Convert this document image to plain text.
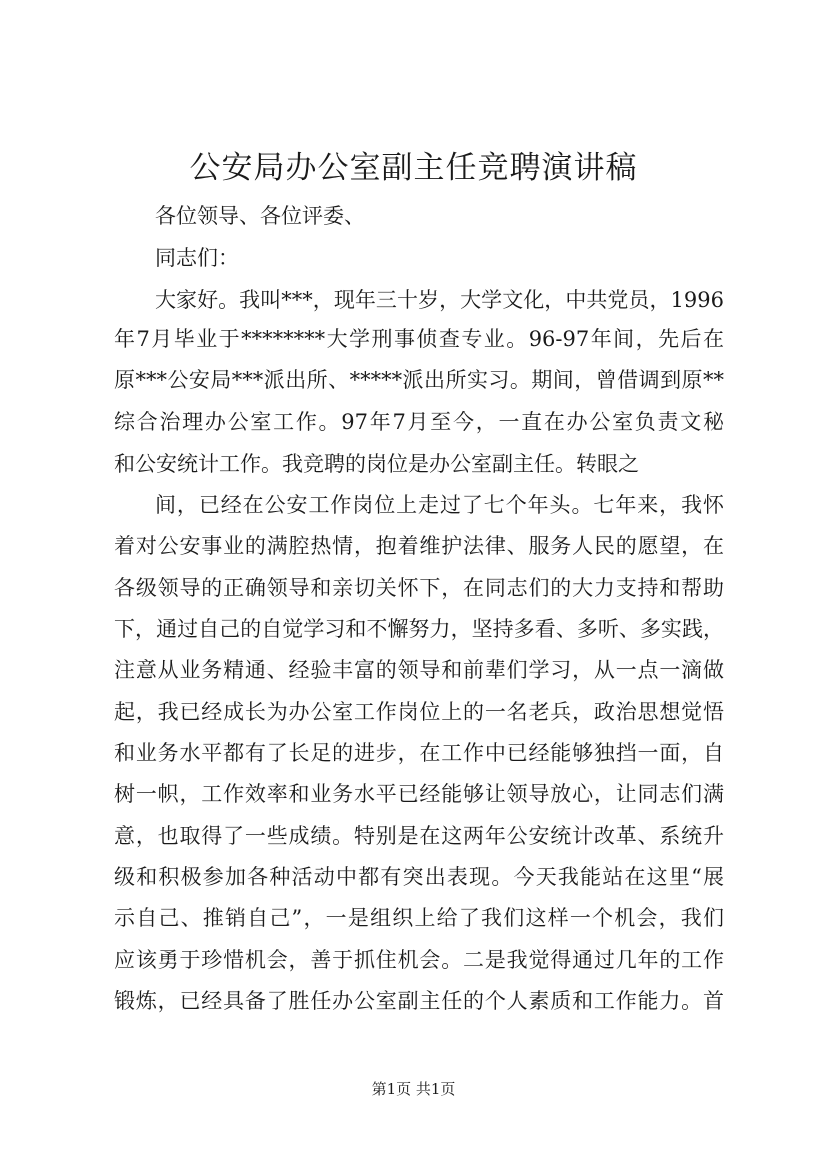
公安局办公室副主任竞聘演讲稿
各位领导、各位评委、
同志们：
大家好。我叫***，现年三十岁，大学文化，中共党员，1996
年7月毕业于********大学刑事侦查专业。96-97年间，先后在
原***公安局***派出所、*****派出所实习。期间，曾借调到原**
综合治理办公室工作。97年7月至今，一直在办公室负责文秘
和公安统计工作。我竞聘的岗位是办公室副主任。转眼之
间，已经在公安工作岗位上走过了七个年头。七年来，我怀
着对公安事业的满腔热情，抱着维护法律、服务人民的愿望，在
各级领导的正确领导和亲切关怀下，在同志们的大力支持和帮助
下，通过自己的自觉学习和不懈努力，坚持多看、多听、多实践，
注意从业务精通、经验丰富的领导和前辈们学习，从一点一滴做
起，我已经成长为办公室工作岗位上的一名老兵，政治思想觉悟
和业务水平都有了长足的进步，在工作中已经能够独挡一面，自
树一帜，工作效率和业务水平已经能够让领导放心，让同志们满
意，也取得了一些成绩。特别是在这两年公安统计改革、系统升
级和积极参加各种活动中都有突出表现。今天我能站在这里“展
示自己、推销自己”，一是组织上给了我们这样一个机会，我们
应该勇于珍惜机会，善于抓住机会。二是我觉得通过几年的工作
锻炼，已经具备了胜任办公室副主任的个人素质和工作能力。首
第1页 共1页
